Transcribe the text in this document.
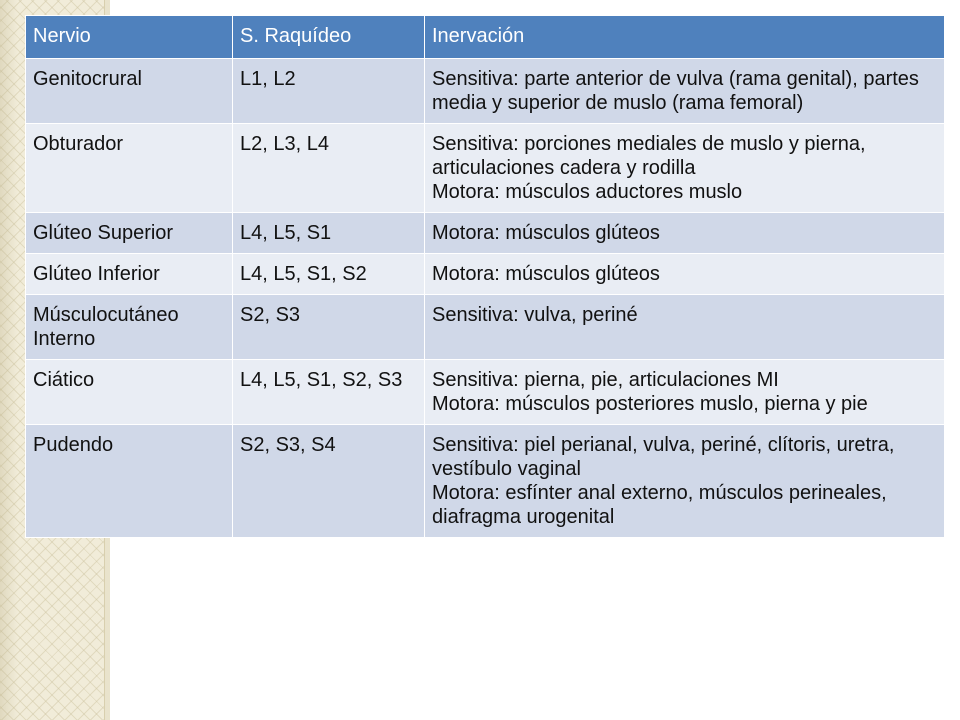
Nervio	S. Raquídeo	Inervación
Genitocrural	L1, L2	Sensitiva: parte anterior de vulva (rama genital), partes media y superior de muslo (rama femoral)
Obturador	L2, L3, L4	Sensitiva: porciones mediales de muslo y pierna, articulaciones cadera y rodilla
Motora: músculos aductores muslo
Glúteo Superior	L4, L5, S1	Motora: músculos glúteos
Glúteo Inferior	L4, L5, S1, S2	Motora: músculos glúteos
Músculocutáneo Interno	S2, S3	Sensitiva: vulva, periné
Ciático	L4, L5, S1, S2, S3	Sensitiva: pierna, pie, articulaciones MI
Motora: músculos posteriores muslo, pierna y pie
Pudendo	S2, S3, S4	Sensitiva: piel perianal, vulva, periné, clítoris, uretra, vestíbulo vaginal
Motora: esfínter anal externo, músculos perineales, diafragma urogenital
